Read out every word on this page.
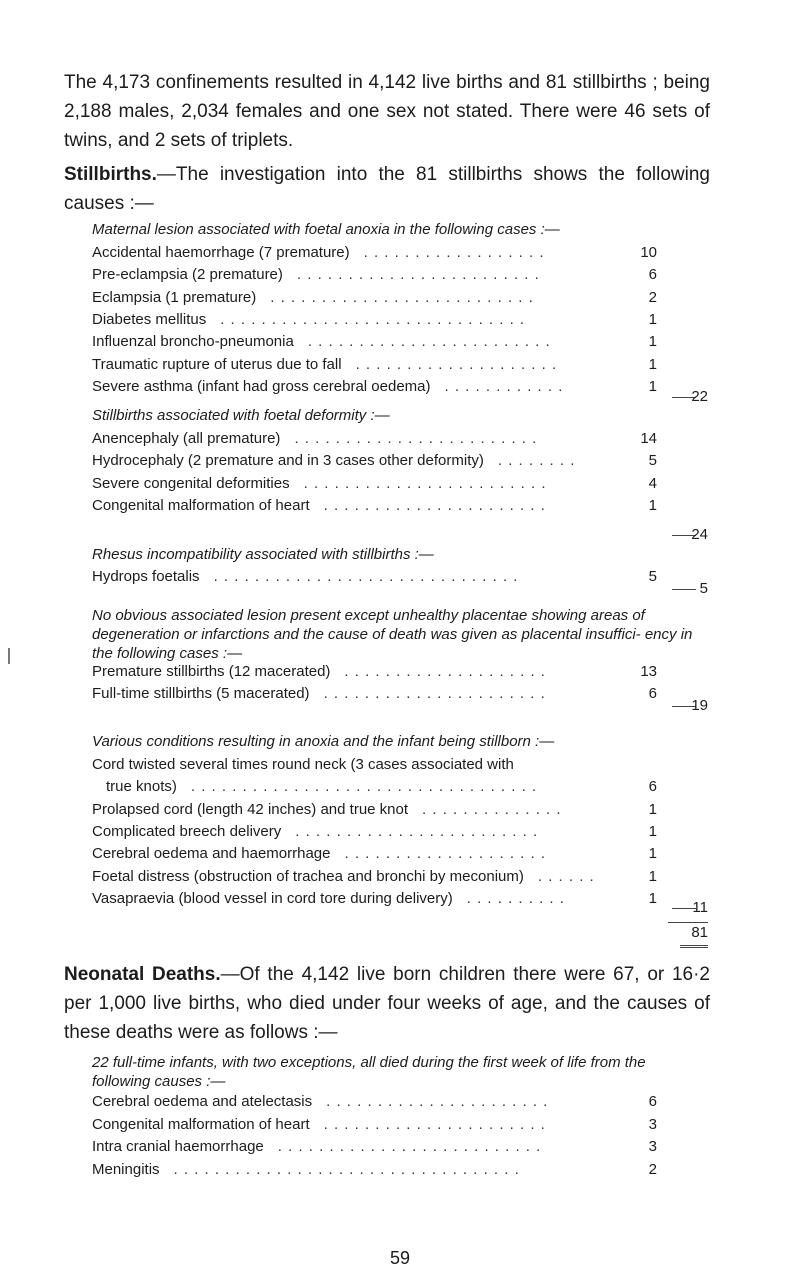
The 4,173 confinements resulted in 4,142 live births and 81 stillbirths ; being 2,188 males, 2,034 females and one sex not stated. There were 46 sets of twins, and 2 sets of triplets.

Stillbirths.—The investigation into the 81 stillbirths shows the following causes :—

Maternal lesion associated with foetal anoxia in the following cases :—

Accidental haemorrhage (7 premature)	10
. . . . . . . . . . . . . . . . . .
Pre-eclampsia (2 premature)	6
. . . . . . . . . . . . . . . . . . . . . . . .
Eclampsia (1 premature)	2
. . . . . . . . . . . . . . . . . . . . . . . . . .
Diabetes mellitus	1
. . . . . . . . . . . . . . . . . . . . . . . . . . . . . .
Influenzal broncho-pneumonia	1
. . . . . . . . . . . . . . . . . . . . . . . .
Traumatic rupture of uterus due to fall	1
. . . . . . . . . . . . . . . . . . . .
Severe asthma (infant had gross cerebral oedema)	1
. . . . . . . . . . . .
22

Stillbirths associated with foetal deformity :—

Anencephaly (all premature)	14
. . . . . . . . . . . . . . . . . . . . . . . .
Hydrocephaly (2 premature and in 3 cases other deformity)	5
. . . . . . . .
Severe congenital deformities	4
. . . . . . . . . . . . . . . . . . . . . . . .
Congenital malformation of heart	1
. . . . . . . . . . . . . . . . . . . . . .
24

Rhesus incompatibility associated with stillbirths :—

Hydrops foetalis	5
. . . . . . . . . . . . . . . . . . . . . . . . . . . . . .
5

No obvious associated lesion present except unhealthy placentae showing areas of degeneration or infarctions and the cause of death was given as placental insuffici- ency in the following cases :—

Premature stillbirths (12 macerated)	13
. . . . . . . . . . . . . . . . . . . .
Full-time stillbirths (5 macerated)	6
. . . . . . . . . . . . . . . . . . . . . .
19

Various conditions resulting in anoxia and the infant being stillborn :—

Cord twisted several times round neck (3 cases associated with
true knots)	6
. . . . . . . . . . . . . . . . . . . . . . . . . . . . . . . . . .
Prolapsed cord (length 42 inches) and true knot	1
. . . . . . . . . . . . . .
Complicated breech delivery	1
. . . . . . . . . . . . . . . . . . . . . . . .
Cerebral oedema and haemorrhage	1
. . . . . . . . . . . . . . . . . . . .
Foetal distress (obstruction of trachea and bronchi by meconium)	1
. . . . . .
Vasapraevia (blood vessel in cord tore during delivery)	1
. . . . . . . . . .
11
81

Neonatal Deaths.—Of the 4,142 live born children there were 67, or 16·2 per 1,000 live births, who died under four weeks of age, and the causes of these deaths were as follows :—

22 full-time infants, with two exceptions, all died during the first week of life from the following causes :—

Cerebral oedema and atelectasis	6
. . . . . . . . . . . . . . . . . . . . . .
Congenital malformation of heart	3
. . . . . . . . . . . . . . . . . . . . . .
Intra cranial haemorrhage	3
. . . . . . . . . . . . . . . . . . . . . . . . . .
Meningitis	2
. . . . . . . . . . . . . . . . . . . . . . . . . . . . . . . . . .
59
